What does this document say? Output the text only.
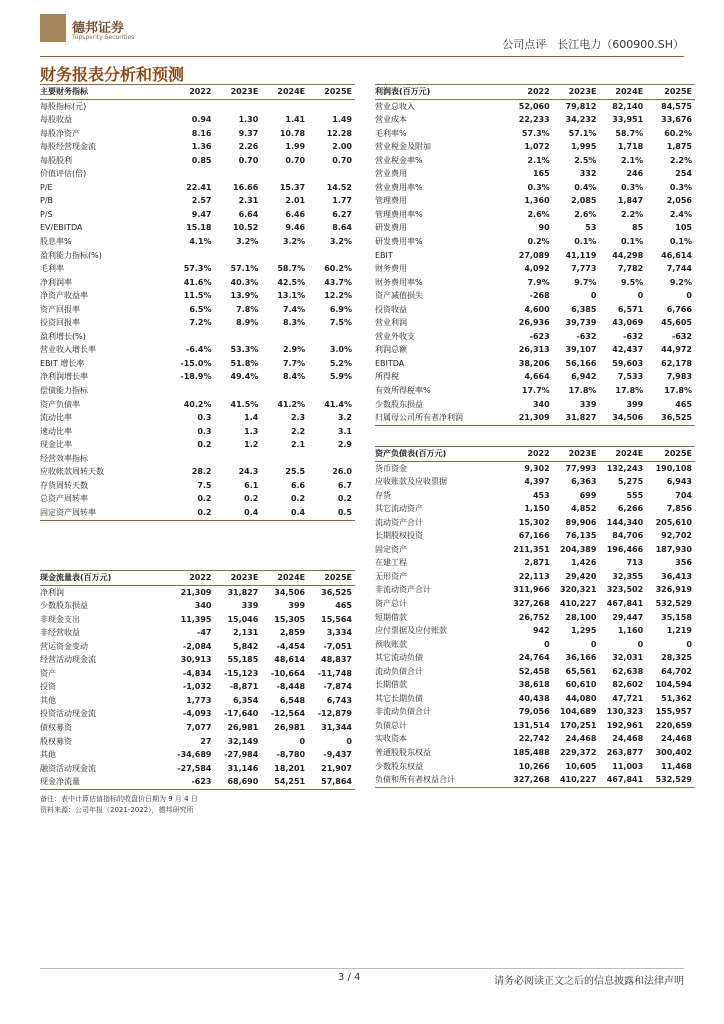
德邦证券
Topsperity Securities
公司点评　长江电力（600900.SH）
财务报表分析和预测
主要财务指标	2022	2023E	2024E	2025E
每股指标(元)				
每股收益	0.94	1.30	1.41	1.49
每股净资产	8.16	9.37	10.78	12.28
每股经营现金流	1.36	2.26	1.99	2.00
每股股利	0.85	0.70	0.70	0.70
价值评估(倍)				
P/E	22.41	16.66	15.37	14.52
P/B	2.57	2.31	2.01	1.77
P/S	9.47	6.64	6.46	6.27
EV/EBITDA	15.18	10.52	9.46	8.64
股息率%	4.1%	3.2%	3.2%	3.2%
盈利能力指标(%)				
毛利率	57.3%	57.1%	58.7%	60.2%
净利润率	41.6%	40.3%	42.5%	43.7%
净资产收益率	11.5%	13.9%	13.1%	12.2%
资产回报率	6.5%	7.8%	7.4%	6.9%
投资回报率	7.2%	8.9%	8.3%	7.5%
盈利增长(%)				
营业收入增长率	-6.4%	53.3%	2.9%	3.0%
EBIT 增长率	-15.0%	51.8%	7.7%	5.2%
净利润增长率	-18.9%	49.4%	8.4%	5.9%
偿债能力指标				
资产负债率	40.2%	41.5%	41.2%	41.4%
流动比率	0.3	1.4	2.3	3.2
速动比率	0.3	1.3	2.2	3.1
现金比率	0.2	1.2	2.1	2.9
经营效率指标				
应收帐款周转天数	28.2	24.3	25.5	26.0
存货周转天数	7.5	6.1	6.6	6.7
总资产周转率	0.2	0.2	0.2	0.2
固定资产周转率	0.2	0.4	0.4	0.5
现金流量表(百万元)	2022	2023E	2024E	2025E
净利润	21,309	31,827	34,506	36,525
少数股东损益	340	339	399	465
非现金支出	11,395	15,046	15,305	15,564
非经营收益	-47	2,131	2,859	3,334
营运资金变动	-2,084	5,842	-4,454	-7,051
经营活动现金流	30,913	55,185	48,614	48,837
资产	-4,834	-15,123	-10,664	-11,748
投资	-1,032	-8,871	-8,448	-7,874
其他	1,773	6,354	6,548	6,743
投资活动现金流	-4,093	-17,640	-12,564	-12,879
债权募资	7,077	26,981	26,981	31,344
股权募资	27	32,149	0	0
其他	-34,689	-27,984	-8,780	-9,437
融资活动现金流	-27,584	31,146	18,201	21,907
现金净流量	-623	68,690	54,251	57,864
利润表(百万元)	2022	2023E	2024E	2025E
营业总收入	52,060	79,812	82,140	84,575
营业成本	22,233	34,232	33,951	33,676
毛利率%	57.3%	57.1%	58.7%	60.2%
营业税金及附加	1,072	1,995	1,718	1,875
营业税金率%	2.1%	2.5%	2.1%	2.2%
营业费用	165	332	246	254
营业费用率%	0.3%	0.4%	0.3%	0.3%
管理费用	1,360	2,085	1,847	2,056
管理费用率%	2.6%	2.6%	2.2%	2.4%
研发费用	90	53	85	105
研发费用率%	0.2%	0.1%	0.1%	0.1%
EBIT	27,089	41,119	44,298	46,614
财务费用	4,092	7,773	7,782	7,744
财务费用率%	7.9%	9.7%	9.5%	9.2%
资产减值损失	-268	0	0	0
投资收益	4,600	6,385	6,571	6,766
营业利润	26,936	39,739	43,069	45,605
营业外收支	-623	-632	-632	-632
利润总额	26,313	39,107	42,437	44,972
EBITDA	38,206	56,166	59,603	62,178
所得税	4,664	6,942	7,533	7,983
有效所得税率%	17.7%	17.8%	17.8%	17.8%
少数股东损益	340	339	399	465
归属母公司所有者净利润	21,309	31,827	34,506	36,525
资产负债表(百万元)	2022	2023E	2024E	2025E
货币资金	9,302	77,993	132,243	190,108
应收账款及应收票据	4,397	6,363	5,275	6,943
存货	453	699	555	704
其它流动资产	1,150	4,852	6,266	7,856
流动资产合计	15,302	89,906	144,340	205,610
长期股权投资	67,166	76,135	84,706	92,702
固定资产	211,351	204,389	196,466	187,930
在建工程	2,871	1,426	713	356
无形资产	22,113	29,420	32,355	36,413
非流动资产合计	311,966	320,321	323,502	326,919
资产总计	327,268	410,227	467,841	532,529
短期借款	26,752	28,100	29,447	35,158
应付票据及应付账款	942	1,295	1,160	1,219
预收账款	0	0	0	0
其它流动负债	24,764	36,166	32,031	28,325
流动负债合计	52,458	65,561	62,638	64,702
长期借款	38,618	60,610	82,602	104,594
其它长期负债	40,438	44,080	47,721	51,362
非流动负债合计	79,056	104,689	130,323	155,957
负债总计	131,514	170,251	192,961	220,659
实收资本	22,742	24,468	24,468	24,468
普通股股东权益	185,488	229,372	263,877	300,402
少数股东权益	10,266	10,605	11,003	11,468
负债和所有者权益合计	327,268	410,227	467,841	532,529
备注：表中计算估值指标的收盘价日期为 9 月 4 日
资料来源：公司年报（2021-2022），德邦研究所
3 / 4	请务必阅读正文之后的信息披露和法律声明
